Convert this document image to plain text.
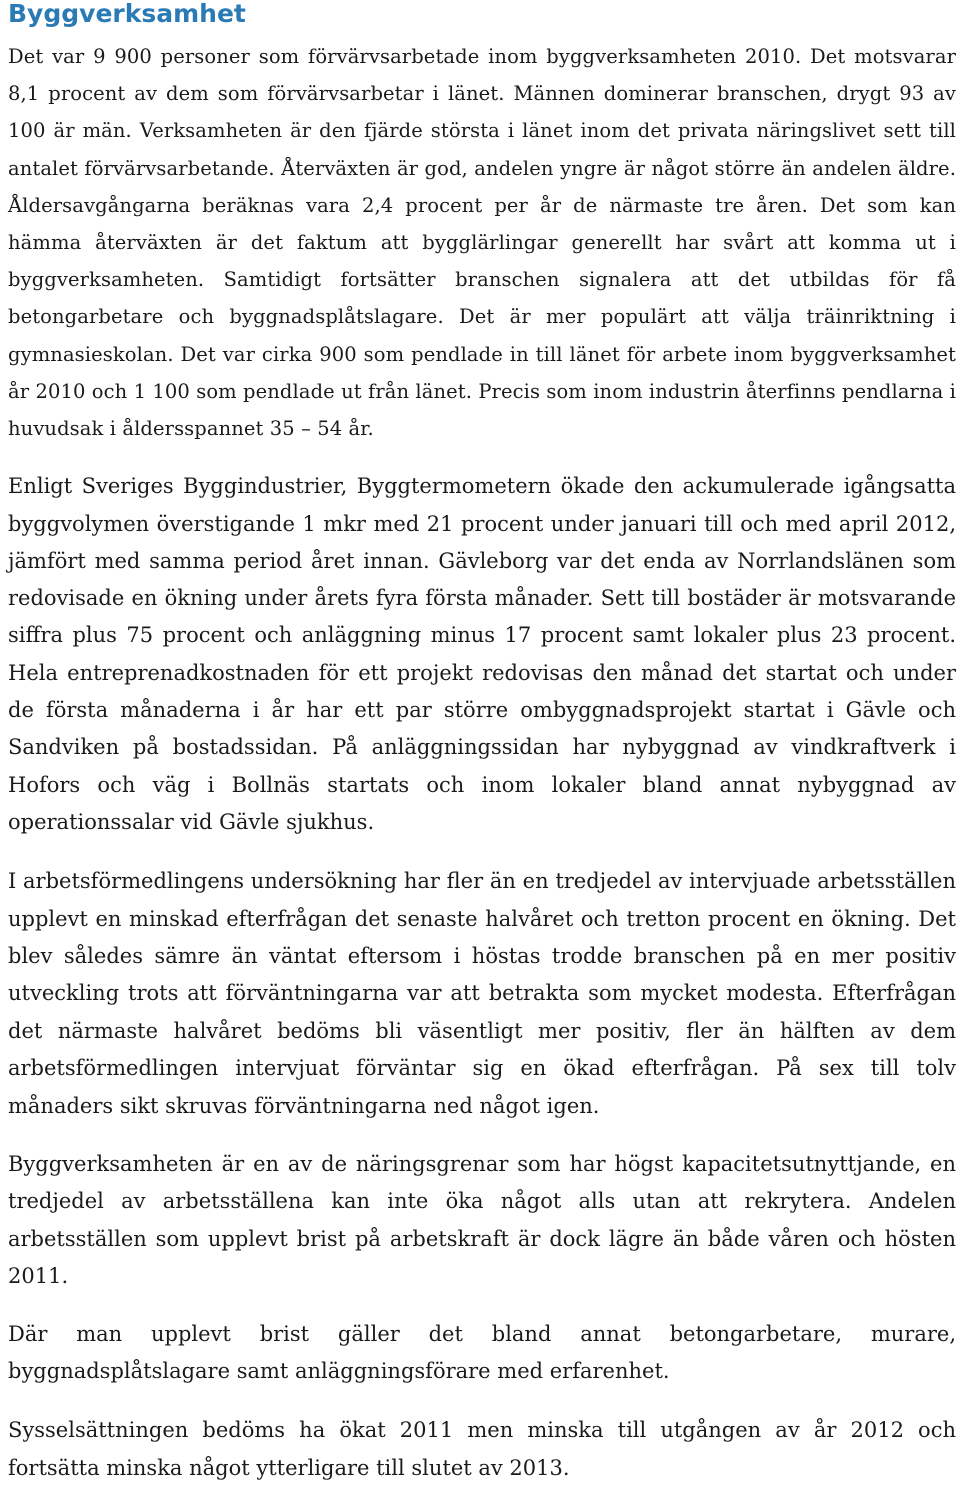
Byggverksamhet

Det var 9 900 personer som förvärvsarbetade inom byggverksamheten 2010. Det motsvarar 8,1 procent av dem som förvärvsarbetar i länet. Männen dominerar branschen, drygt 93 av 100 är män. Verksamheten är den fjärde största i länet inom det privata näringslivet sett till antalet förvärvsarbetande. Återväxten är god, andelen yngre är något större än andelen äldre. Åldersavgångarna beräknas vara 2,4 procent per år de närmaste tre åren. Det som kan hämma återväxten är det faktum att bygglärlingar generellt har svårt att komma ut i byggverksamheten. Samtidigt fortsätter branschen signalera att det utbildas för få betongarbetare och byggnadsplåtslagare. Det är mer populärt att välja träinriktning i gymnasieskolan. Det var cirka 900 som pendlade in till länet för arbete inom byggverksamhet år 2010 och 1 100 som pendlade ut från länet. Precis som inom industrin återfinns pendlarna i huvudsak i åldersspannet 35 – 54 år.

Enligt Sveriges Byggindustrier, Byggtermometern ökade den ackumulerade igångsatta byggvolymen överstigande 1 mkr med 21 procent under januari till och med april 2012, jämfört med samma period året innan. Gävleborg var det enda av Norrlandslänen som redovisade en ökning under årets fyra första månader. Sett till bostäder är motsvarande siffra plus 75 procent och anläggning minus 17 procent samt lokaler plus 23 procent. Hela entreprenadkostnaden för ett projekt redovisas den månad det startat och under de första månaderna i år har ett par större ombyggnadsprojekt startat i Gävle och Sandviken på bostadssidan. På anläggningssidan har nybyggnad av vindkraftverk i Hofors och väg i Bollnäs startats och inom lokaler bland annat nybyggnad av operationssalar vid Gävle sjukhus.

I arbetsförmedlingens undersökning har fler än en tredjedel av intervjuade arbetsställen upplevt en minskad efterfrågan det senaste halvåret och tretton procent en ökning. Det blev således sämre än väntat eftersom i höstas trodde branschen på en mer positiv utveckling trots att förväntningarna var att betrakta som mycket modesta. Efterfrågan det närmaste halvåret bedöms bli väsentligt mer positiv, fler än hälften av dem arbetsförmedlingen intervjuat förväntar sig en ökad efterfrågan. På sex till tolv månaders sikt skruvas förväntningarna ned något igen.

Byggverksamheten är en av de näringsgrenar som har högst kapacitetsutnyttjande, en tredjedel av arbetsställena kan inte öka något alls utan att rekrytera. Andelen arbetsställen som upplevt brist på arbetskraft är dock lägre än både våren och hösten 2011.

Där man upplevt brist gäller det bland annat betongarbetare, murare, byggnadsplåtslagare samt anläggningsförare med erfarenhet.

Sysselsättningen bedöms ha ökat 2011 men minska till utgången av år 2012 och fortsätta minska något ytterligare till slutet av 2013.
